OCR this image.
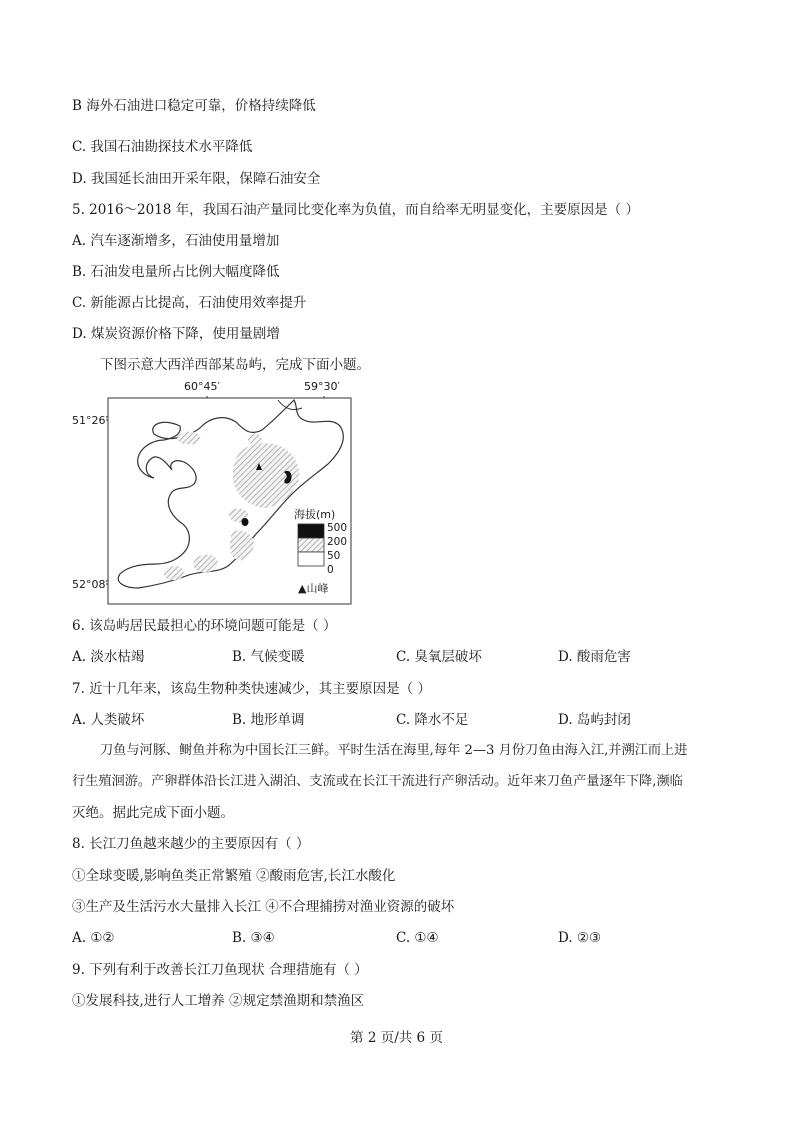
B 海外石油进口稳定可靠，价格持续降低
C. 我国石油勘探技术水平降低
D. 我国延长油田开采年限，保障石油安全
5. 2016～2018 年，我国石油产量同比变化率为负值，而自给率无明显变化，主要原因是（ ）
A. 汽车逐渐增多，石油使用量增加
B. 石油发电量所占比例大幅度降低
C. 新能源占比提高，石油使用效率提升
D. 煤炭资源价格下降，使用量剧增
下图示意大西洋西部某岛屿，完成下面小题。
60°45′	59°30′
51°26′
52°08′
海拔(m)
500
200
50
0
▲山峰
6. 该岛屿居民最担心的环境问题可能是（ ）
A. 淡水枯竭	B. 气候变暖	C. 臭氧层破坏	D. 酸雨危害
7. 近十几年来，该岛生物种类快速减少，其主要原因是（ ）
A. 人类破坏	B. 地形单调	C. 降水不足	D. 岛屿封闭
刀鱼与河豚、鲥鱼并称为中国长江三鲜。平时生活在海里,每年 2—3 月份刀鱼由海入江,并溯江而上进
行生殖洄游。产卵群体沿长江进入湖泊、支流或在长江干流进行产卵活动。近年来刀鱼产量逐年下降,濒临
灭绝。据此完成下面小题。
8. 长江刀鱼越来越少的主要原因有（ ）
①全球变暖,影响鱼类正常繁殖 ②酸雨危害,长江水酸化
③生产及生活污水大量排入长江 ④不合理捕捞对渔业资源的破坏
A. ①②	B. ③④	C. ①④	D. ②③
9. 下列有利于改善长江刀鱼现状 合理措施有（ ）
①发展科技,进行人工增养 ②规定禁渔期和禁渔区
第 2 页/共 6 页
